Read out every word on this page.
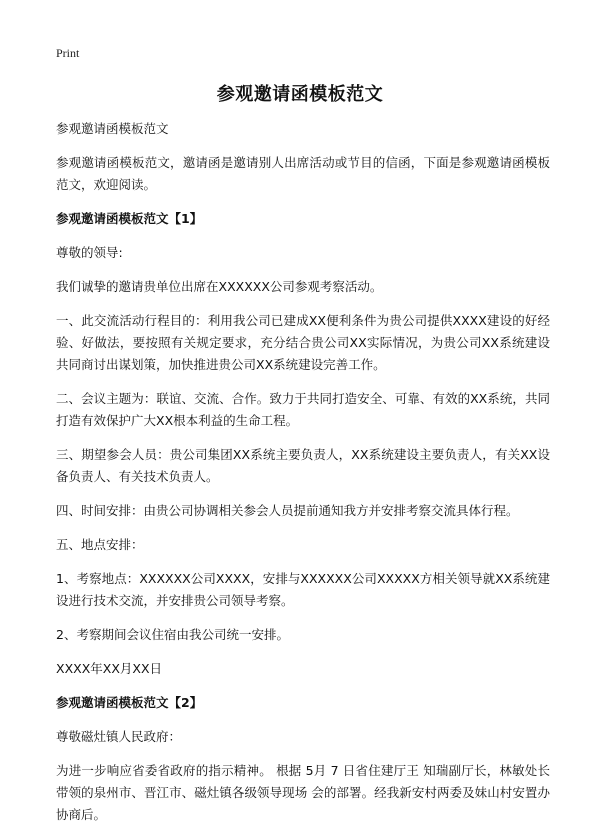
Print
参观邀请函模板范文

参观邀请函模板范文

参观邀请函模板范文，邀请函是邀请别人出席活动或节目的信函，下面是参观邀请函模板范文，欢迎阅读。

参观邀请函模板范文【1】

尊敬的领导:

我们诚挚的邀请贵单位出席在XXXXXX公司参观考察活动。

一、此交流活动行程目的：利用我公司已建成XX便利条件为贵公司提供XXXX建设的好经验、好做法，要按照有关规定要求，充分结合贵公司XX实际情况，为贵公司XX系统建设共同商讨出谋划策，加快推进贵公司XX系统建设完善工作。

二、会议主题为：联谊、交流、合作。致力于共同打造安全、可靠、有效的XX系统，共同打造有效保护广大XX根本利益的生命工程。

三、期望参会人员：贵公司集团XX系统主要负责人，XX系统建设主要负责人，有关XX设备负责人、有关技术负责人。

四、时间安排：由贵公司协调相关参会人员提前通知我方并安排考察交流具体行程。

五、地点安排：

1、考察地点：XXXXXX公司XXXX，安排与XXXXXX公司XXXXX方相关领导就XX系统建设进行技术交流，并安排贵公司领导考察。

2、考察期间会议住宿由我公司统一安排。

XXXX年XX月XX日

参观邀请函模板范文【2】

尊敬磁灶镇人民政府：

为进一步响应省委省政府的指示精神。 根据 5月 7 日省住建厅王 知瑞副厅长，林敏处长带领的泉州市、晋江市、磁灶镇各级领导现场 会的部署。经我新安村两委及妹山村安置办协商后。
